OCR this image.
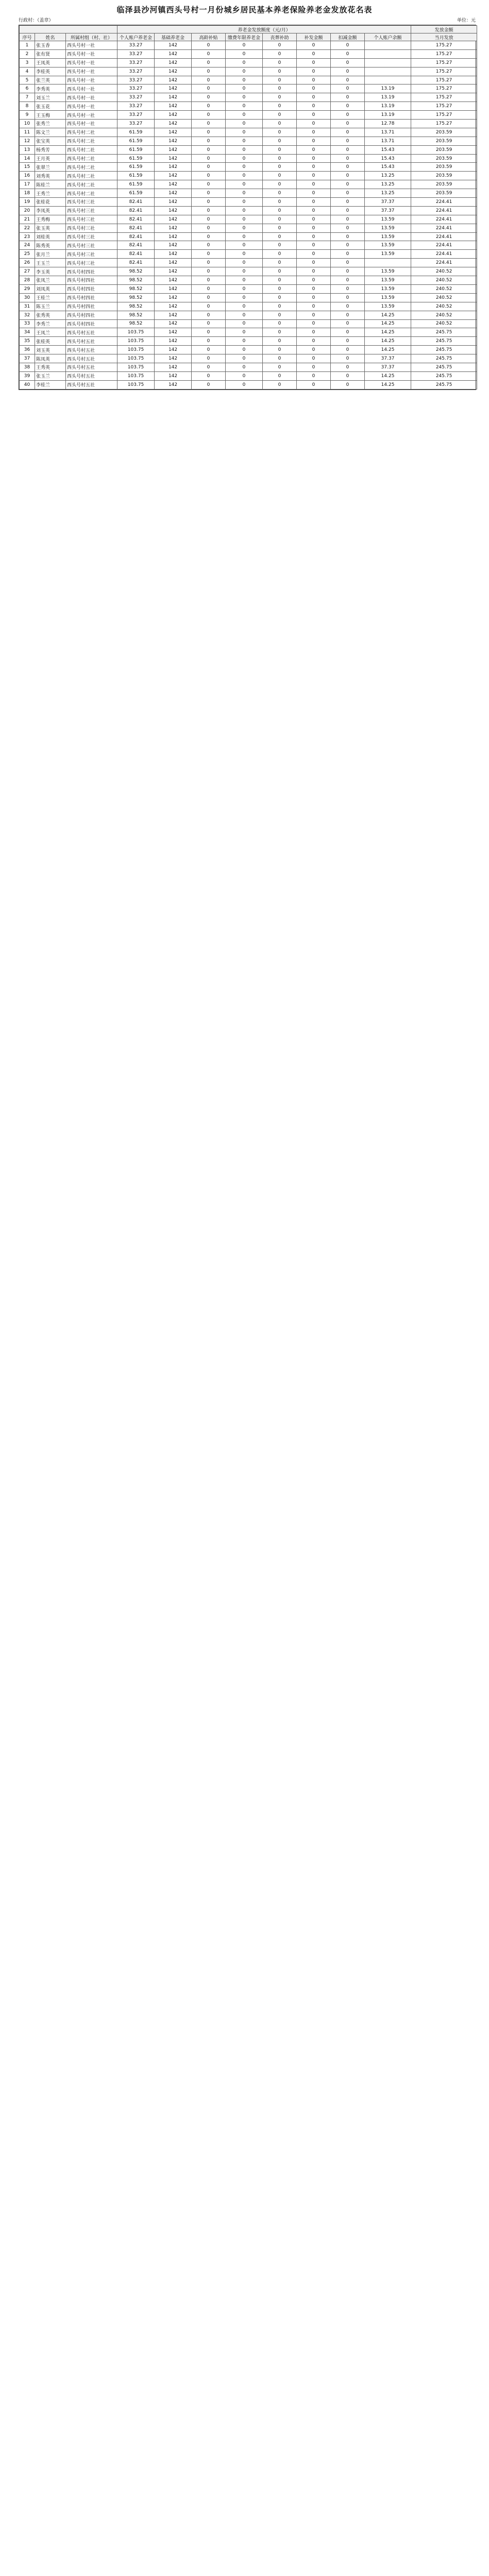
临泽县沙河镇西头号村一月份城乡居民基本养老保险养老金发放花名表
行政村：（盖章）	单位：元
			养老金发放额度（元/月）								发放金额
序号	姓名	所属村组（村、社）	个人账户养老金	基础养老金	高龄补贴	缴费年限养老金	丧葬补助	补发金额	扣减金额	个人账户余额	当月发放
1	张玉香	西头号村一社	33.27	142	0	0	0	0	0		175.27
2	张有贤	西头号村一社	33.27	142	0	0	0	0	0		175.27
3	王凤英	西头号村一社	33.27	142	0	0	0	0	0		175.27
4	李桂英	西头号村一社	33.27	142	0	0	0	0	0		175.27
5	张兰英	西头号村一社	33.27	142	0	0	0	0	0		175.27
6	李秀英	西头号村一社	33.27	142	0	0	0	0	0	13.19	175.27
7	刘玉兰	西头号村一社	33.27	142	0	0	0	0	0	13.19	175.27
8	张玉花	西头号村一社	33.27	142	0	0	0	0	0	13.19	175.27
9	王玉梅	西头号村一社	33.27	142	0	0	0	0	0	13.19	175.27
10	张秀兰	西头号村一社	33.27	142	0	0	0	0	0	12.78	175.27
11	陈文兰	西头号村二社	61.59	142	0	0	0	0	0	13.71	203.59
12	张宝英	西头号村二社	61.59	142	0	0	0	0	0	13.71	203.59
13	杨秀芳	西头号村二社	61.59	142	0	0	0	0	0	15.43	203.59
14	王月英	西头号村二社	61.59	142	0	0	0	0	0	15.43	203.59
15	张翠兰	西头号村二社	61.59	142	0	0	0	0	0	15.43	203.59
16	刘秀英	西头号村二社	61.59	142	0	0	0	0	0	13.25	203.59
17	陈桂兰	西头号村二社	61.59	142	0	0	0	0	0	13.25	203.59
18	王秀兰	西头号村二社	61.59	142	0	0	0	0	0	13.25	203.59
19	张桂花	西头号村三社	82.41	142	0	0	0	0	0	37.37	224.41
20	李凤英	西头号村三社	82.41	142	0	0	0	0	0	37.37	224.41
21	王秀梅	西头号村三社	82.41	142	0	0	0	0	0	13.59	224.41
22	张玉英	西头号村三社	82.41	142	0	0	0	0	0	13.59	224.41
23	刘桂英	西头号村三社	82.41	142	0	0	0	0	0	13.59	224.41
24	陈秀英	西头号村三社	82.41	142	0	0	0	0	0	13.59	224.41
25	张月兰	西头号村三社	82.41	142	0	0	0	0	0	13.59	224.41
26	王玉兰	西头号村三社	82.41	142	0	0	0	0	0		224.41
27	李玉英	西头号村四社	98.52	142	0	0	0	0	0	13.59	240.52
28	张凤兰	西头号村四社	98.52	142	0	0	0	0	0	13.59	240.52
29	刘凤英	西头号村四社	98.52	142	0	0	0	0	0	13.59	240.52
30	王桂兰	西头号村四社	98.52	142	0	0	0	0	0	13.59	240.52
31	陈玉兰	西头号村四社	98.52	142	0	0	0	0	0	13.59	240.52
32	张秀英	西头号村四社	98.52	142	0	0	0	0	0	14.25	240.52
33	李秀兰	西头号村四社	98.52	142	0	0	0	0	0	14.25	240.52
34	王凤兰	西头号村五社	103.75	142	0	0	0	0	0	14.25	245.75
35	张桂英	西头号村五社	103.75	142	0	0	0	0	0	14.25	245.75
36	刘玉英	西头号村五社	103.75	142	0	0	0	0	0	14.25	245.75
37	陈凤英	西头号村五社	103.75	142	0	0	0	0	0	37.37	245.75
38	王秀英	西头号村五社	103.75	142	0	0	0	0	0	37.37	245.75
39	张玉兰	西头号村五社	103.75	142	0	0	0	0	0	14.25	245.75
40	李桂兰	西头号村五社	103.75	142	0	0	0	0	0	14.25	245.75
